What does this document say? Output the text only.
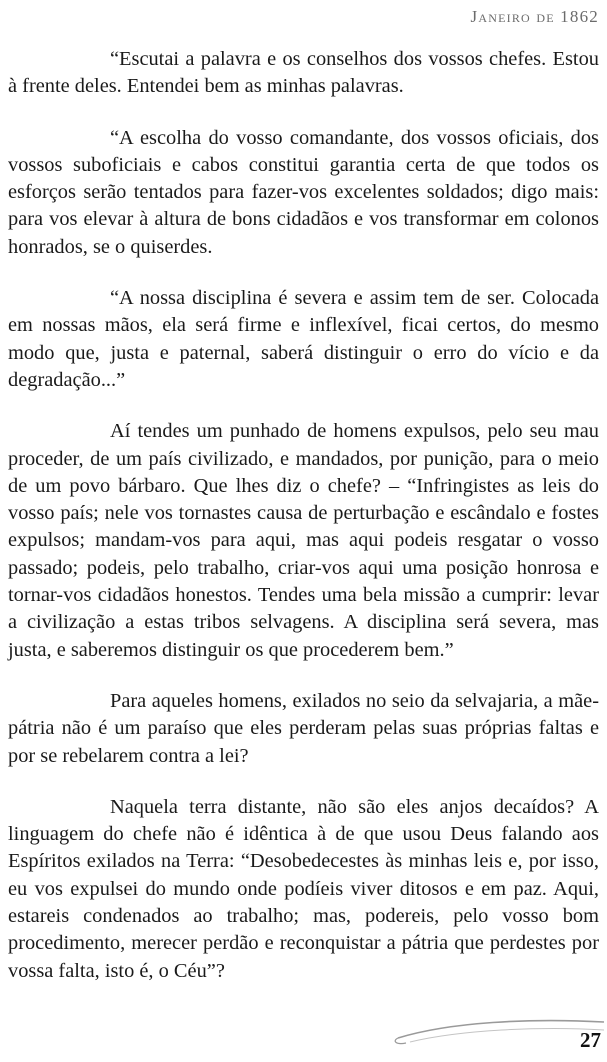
Janeiro de 1862

“Escutai a palavra e os conselhos dos vossos chefes. Estou à frente deles. Entendei bem as minhas palavras.

“A escolha do vosso comandante, dos vossos oficiais, dos vossos suboficiais e cabos constitui garantia certa de que todos os esforços serão tentados para fazer-vos excelentes soldados; digo mais: para vos elevar à altura de bons cidadãos e vos transformar em colonos honrados, se o quiserdes.

“A nossa disciplina é severa e assim tem de ser. Colocada em nossas mãos, ela será firme e inflexível, ficai certos, do mesmo modo que, justa e paternal, saberá distinguir o erro do vício e da degradação...”

Aí tendes um punhado de homens expulsos, pelo seu mau proceder, de um país civilizado, e mandados, por punição, para o meio de um povo bárbaro. Que lhes diz o chefe? – “Infringistes as leis do vosso país; nele vos tornastes causa de perturbação e escândalo e fostes expulsos; mandam-vos para aqui, mas aqui podeis resgatar o vosso passado; podeis, pelo trabalho, criar-vos aqui uma posição honrosa e tornar-vos cidadãos honestos. Tendes uma bela missão a cumprir: levar a civilização a estas tribos selvagens. A disciplina será severa, mas justa, e saberemos distinguir os que procederem bem.”

Para aqueles homens, exilados no seio da selvajaria, a mãe-pátria não é um paraíso que eles perderam pelas suas próprias faltas e por se rebelarem contra a lei?

Naquela terra distante, não são eles anjos decaídos? A linguagem do chefe não é idêntica à de que usou Deus falando aos Espíritos exilados na Terra: “Desobedecestes às minhas leis e, por isso, eu vos expulsei do mundo onde podíeis viver ditosos e em paz. Aqui, estareis condenados ao trabalho; mas, podereis, pelo vosso bom procedimento, merecer perdão e reconquistar a pátria que perdestes por vossa falta, isto é, o Céu”?

27
